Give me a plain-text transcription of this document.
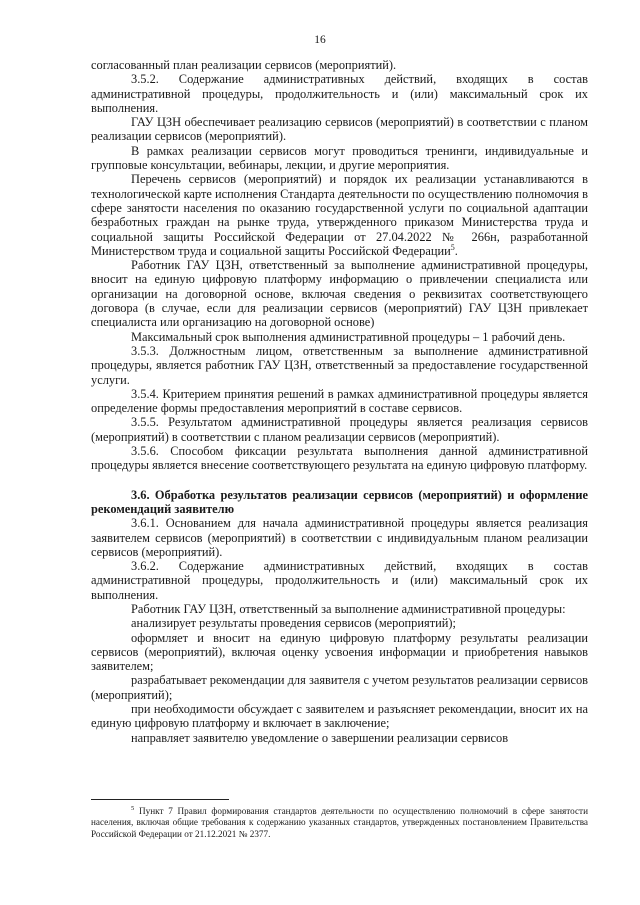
16

согласованный план реализации сервисов (мероприятий).

3.5.2. Содержание административных действий, входящих в состав административной процедуры, продолжительность и (или) максимальный срок их выполнения.

ГАУ ЦЗН обеспечивает реализацию сервисов (мероприятий) в соответствии с планом реализации сервисов (мероприятий).

В рамках реализации сервисов могут проводиться тренинги, индивидуальные и групповые консультации, вебинары, лекции, и другие мероприятия.

Перечень сервисов (мероприятий) и порядок их реализации устанавливаются в технологической карте исполнения Стандарта деятельности по осуществлению полномочия в сфере занятости населения по оказанию государственной услуги по социальной адаптации безработных граждан на рынке труда, утвержденного приказом Министерства труда и социальной защиты Российской Федерации от 27.04.2022 № 266н, разработанной Министерством труда и социальной защиты Российской Федерации$^5$.

Работник ГАУ ЦЗН, ответственный за выполнение административной процедуры, вносит на единую цифровую платформу информацию о привлечении специалиста или организации на договорной основе, включая сведения о реквизитах соответствующего договора (в случае, если для реализации сервисов (мероприятий) ГАУ ЦЗН привлекает специалиста или организацию на договорной основе)

Максимальный срок выполнения административной процедуры – 1 рабочий день.

3.5.3. Должностным лицом, ответственным за выполнение административной процедуры, является работник ГАУ ЦЗН, ответственный за предоставление государственной услуги.

3.5.4. Критерием принятия решений в рамках административной процедуры является определение формы предоставления мероприятий в составе сервисов.

3.5.5. Результатом административной процедуры является реализация сервисов (мероприятий) в соответствии с планом реализации сервисов (мероприятий).

3.5.6. Способом фиксации результата выполнения данной административной процедуры является внесение соответствующего результата на единую цифровую платформу.

3.6. Обработка результатов реализации сервисов (мероприятий) и оформление рекомендаций заявителю

3.6.1. Основанием для начала административной процедуры является реализация заявителем сервисов (мероприятий) в соответствии с индивидуальным планом реализации сервисов (мероприятий).

3.6.2. Содержание административных действий, входящих в состав административной процедуры, продолжительность и (или) максимальный срок их выполнения.

Работник ГАУ ЦЗН, ответственный за выполнение административной процедуры:

анализирует результаты проведения сервисов (мероприятий);

оформляет и вносит на единую цифровую платформу результаты реализации сервисов (мероприятий), включая оценку усвоения информации и приобретения навыков заявителем;

разрабатывает рекомендации для заявителя с учетом результатов реализации сервисов (мероприятий);

при необходимости обсуждает с заявителем и разъясняет рекомендации, вносит их на единую цифровую платформу и включает в заключение;

направляет заявителю уведомление о завершении реализации сервисов

$^5$ Пункт 7 Правил формирования стандартов деятельности по осуществлению полномочий в сфере занятости населения, включая общие требования к содержанию указанных стандартов, утвержденных постановлением Правительства Российской Федерации от 21.12.2021 № 2377.
